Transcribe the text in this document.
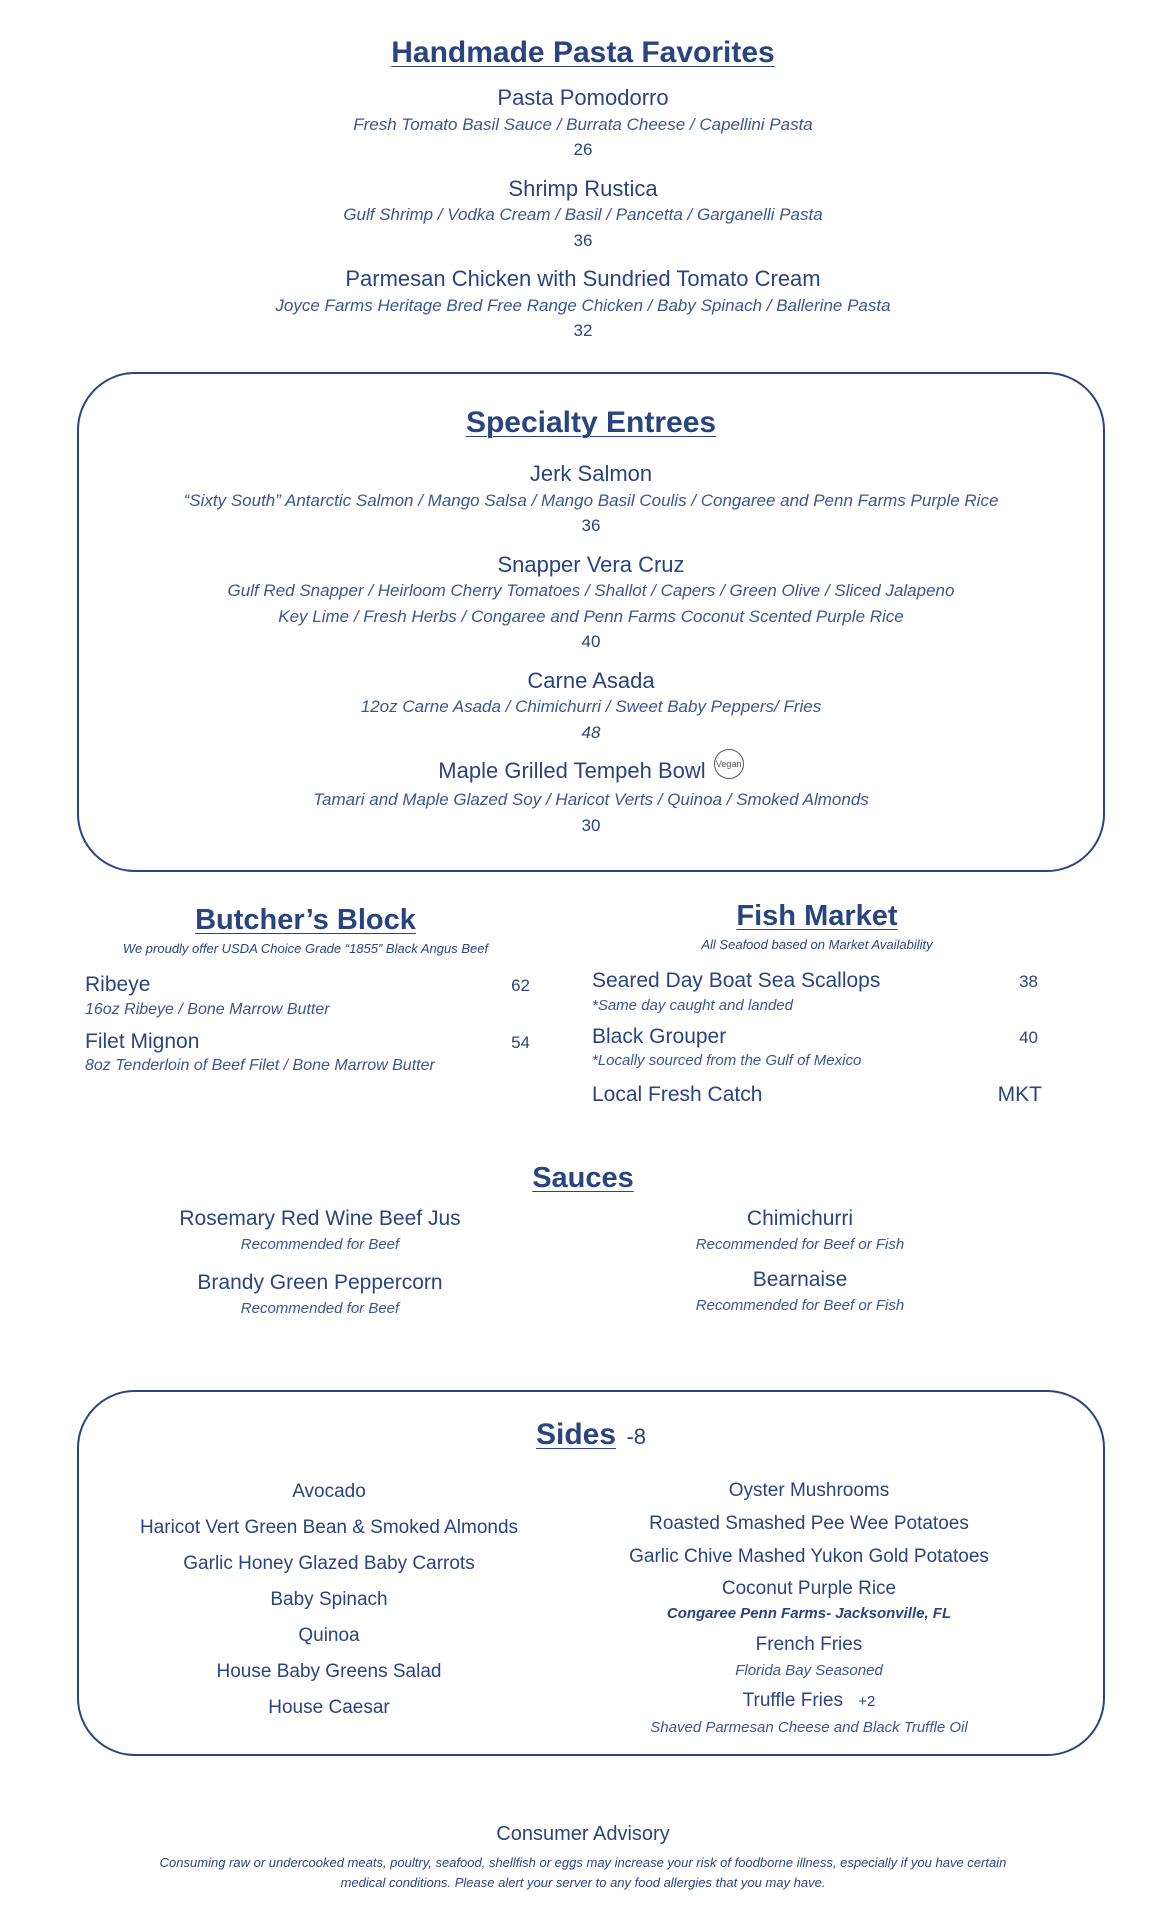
Handmade Pasta Favorites

Pasta Pomodorro

Fresh Tomato Basil Sauce / Burrata Cheese / Capellini Pasta

26

Shrimp Rustica

Gulf Shrimp / Vodka Cream / Basil / Pancetta / Garganelli Pasta

36

Parmesan Chicken with Sundried Tomato Cream

Joyce Farms Heritage Bred Free Range Chicken / Baby Spinach / Ballerine Pasta

32

Specialty Entrees

Jerk Salmon

“Sixty South” Antarctic Salmon / Mango Salsa / Mango Basil Coulis / Congaree and Penn Farms Purple Rice

36

Snapper Vera Cruz

Gulf Red Snapper / Heirloom Cherry Tomatoes / Shallot / Capers / Green Olive / Sliced Jalapeno

Key Lime / Fresh Herbs / Congaree and Penn Farms Coconut Scented Purple Rice

40

Carne Asada

12oz Carne Asada / Chimichurri / Sweet Baby Peppers/ Fries

48

Maple Grilled Tempeh Bowl Vegan

Tamari and Maple Glazed Soy / Haricot Verts / Quinoa / Smoked Almonds

30

Butcher’s Block

We proudly offer USDA Choice Grade “1855” Black Angus Beef

Ribeye	62

16oz Ribeye / Bone Marrow Butter

Filet Mignon	54

8oz Tenderloin of Beef Filet / Bone Marrow Butter

Fish Market

All Seafood based on Market Availability

Seared Day Boat Sea Scallops	38

*Same day caught and landed

Black Grouper	40

*Locally sourced from the Gulf of Mexico

Local Fresh Catch	MKT
Sauces

Rosemary Red Wine Beef Jus

Recommended for Beef

Chimichurri

Recommended for Beef or Fish

Brandy Green Peppercorn

Recommended for Beef

Bearnaise

Recommended for Beef or Fish

Sides -8

Avocado

Haricot Vert Green Bean & Smoked Almonds

Garlic Honey Glazed Baby Carrots

Baby Spinach

Quinoa

House Baby Greens Salad

House Caesar

Oyster Mushrooms

Roasted Smashed Pee Wee Potatoes

Garlic Chive Mashed Yukon Gold Potatoes

Coconut Purple Rice

Congaree Penn Farms- Jacksonville, FL

French Fries

Florida Bay Seasoned

Truffle Fries +2

Shaved Parmesan Cheese and Black Truffle Oil

Consumer Advisory

Consuming raw or undercooked meats, poultry, seafood, shellfish or eggs may increase your risk of foodborne illness, especially if you have certain
medical conditions. Please alert your server to any food allergies that you may have.
